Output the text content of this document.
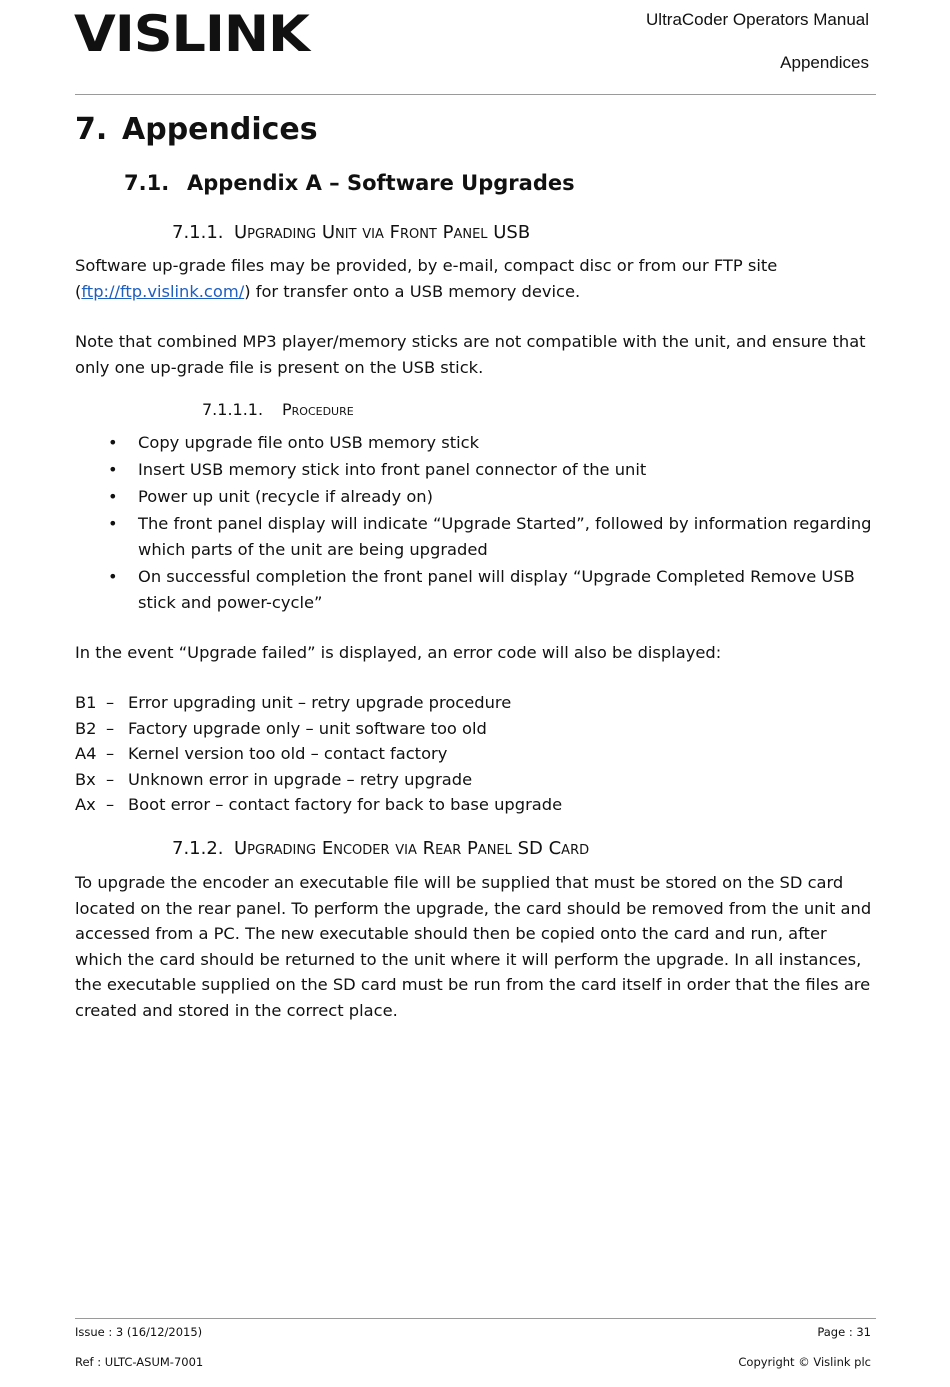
VISLINK	UltraCoder Operators Manual
Appendices
7. Appendices
7.1. Appendix A – Software Upgrades
7.1.1. Upgrading Unit via Front Panel USB
Software up-grade files may be provided, by e-mail, compact disc or from our FTP site (ftp://ftp.vislink.com/) for transfer onto a USB memory device.
Note that combined MP3 player/memory sticks are not compatible with the unit, and ensure that only one up-grade file is present on the USB stick.
7.1.1.1. Procedure
• Copy upgrade file onto USB memory stick
• Insert USB memory stick into front panel connector of the unit
• Power up unit (recycle if already on)
• The front panel display will indicate “Upgrade Started”, followed by information regarding which parts of the unit are being upgraded
• On successful completion the front panel will display “Upgrade Completed Remove USB stick and power-cycle”
In the event “Upgrade failed” is displayed, an error code will also be displayed:
B1 – Error upgrading unit – retry upgrade procedure
B2 – Factory upgrade only – unit software too old
A4 – Kernel version too old – contact factory
Bx – Unknown error in upgrade – retry upgrade
Ax – Boot error – contact factory for back to base upgrade
7.1.2. Upgrading Encoder via Rear Panel SD Card
To upgrade the encoder an executable file will be supplied that must be stored on the SD card located on the rear panel. To perform the upgrade, the card should be removed from the unit and accessed from a PC. The new executable should then be copied onto the card and run, after which the card should be returned to the unit where it will perform the upgrade. In all instances, the executable supplied on the SD card must be run from the card itself in order that the files are created and stored in the correct place.
Issue : 3 (16/12/2015)	Page : 31
Ref : ULTC-ASUM-7001	Copyright © Vislink plc
